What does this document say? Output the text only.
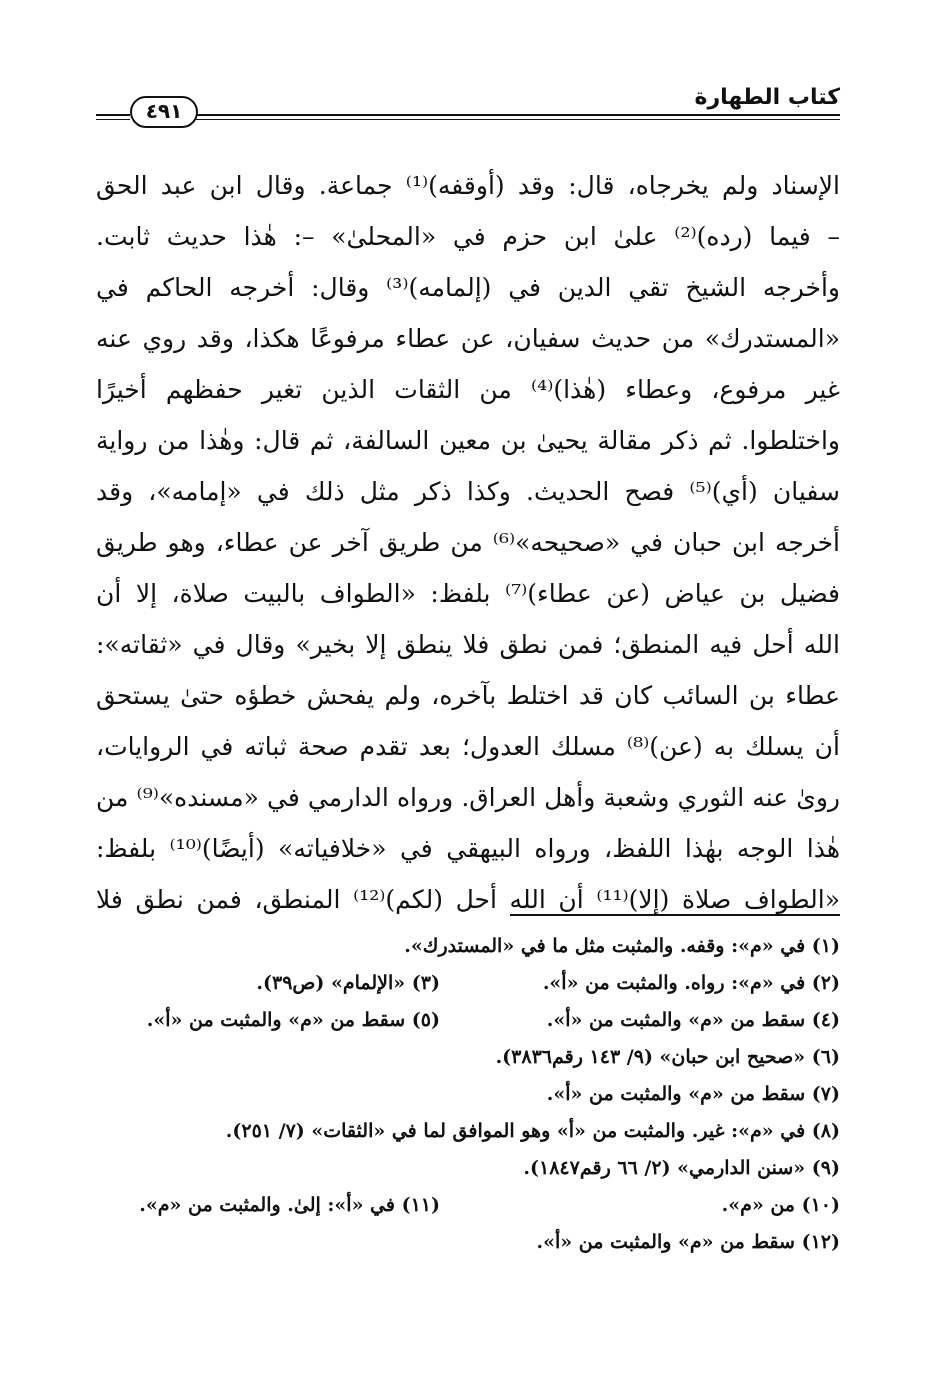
كتاب الطهارة
٤٩١
الإسناد ولم يخرجاه، قال: وقد (أوقفه)⁽¹⁾ جماعة. وقال ابن عبد الحق
– فيما (رده)⁽²⁾ علىٰ ابن حزم في «المحلىٰ» –: هٰذا حديث ثابت.
وأخرجه الشيخ تقي الدين في (إلمامه)⁽³⁾ وقال: أخرجه الحاكم في
«المستدرك» من حديث سفيان، عن عطاء مرفوعًا هكذا، وقد روي عنه
غير مرفوع، وعطاء (هٰذا)⁽⁴⁾ من الثقات الذين تغير حفظهم أخيرًا
واختلطوا. ثم ذكر مقالة يحيىٰ بن معين السالفة، ثم قال: وهٰذا من رواية
سفيان (أي)⁽⁵⁾ فصح الحديث. وكذا ذكر مثل ذلك في «إمامه»، وقد
أخرجه ابن حبان في «صحيحه»⁽⁶⁾ من طريق آخر عن عطاء، وهو طريق
فضيل بن عياض (عن عطاء)⁽⁷⁾ بلفظ: «الطواف بالبيت صلاة، إلا أن
الله أحل فيه المنطق؛ فمن نطق فلا ينطق إلا بخير» وقال في «ثقاته»:
عطاء بن السائب كان قد اختلط بآخره، ولم يفحش خطؤه حتىٰ يستحق
أن يسلك به (عن)⁽⁸⁾ مسلك العدول؛ بعد تقدم صحة ثباته في الروايات،
رویٰ عنه الثوري وشعبة وأهل العراق. ورواه الدارمي في «مسنده»⁽⁹⁾ من
هٰذا الوجه بهٰذا اللفظ، ورواه البيهقي في «خلافياته» (أيضًا)⁽¹⁰⁾ بلفظ:
«الطواف صلاة (إلا)⁽¹¹⁾ أن الله أحل (لكم)⁽¹²⁾ المنطق، فمن نطق فلا
(١) في «م»: وقفه. والمثبت مثل ما في «المستدرك».
(٢) في «م»: رواه. والمثبت من «أ».
(٣) «الإلمام» (ص٣٩).
(٤) سقط من «م» والمثبت من «أ».
(٥) سقط من «م» والمثبت من «أ».
(٦) «صحيح ابن حبان» (٩/ ١٤٣ رقم٣٨٣٦).
(٧) سقط من «م» والمثبت من «أ».
(٨) في «م»: غير. والمثبت من «أ» وهو الموافق لما في «الثقات» (٧/ ٢٥١).
(٩) «سنن الدارمي» (٢/ ٦٦ رقم١٨٤٧).
(١٠) من «م».
(١١) في «أ»: إلىٰ. والمثبت من «م».
(١٢) سقط من «م» والمثبت من «أ».
